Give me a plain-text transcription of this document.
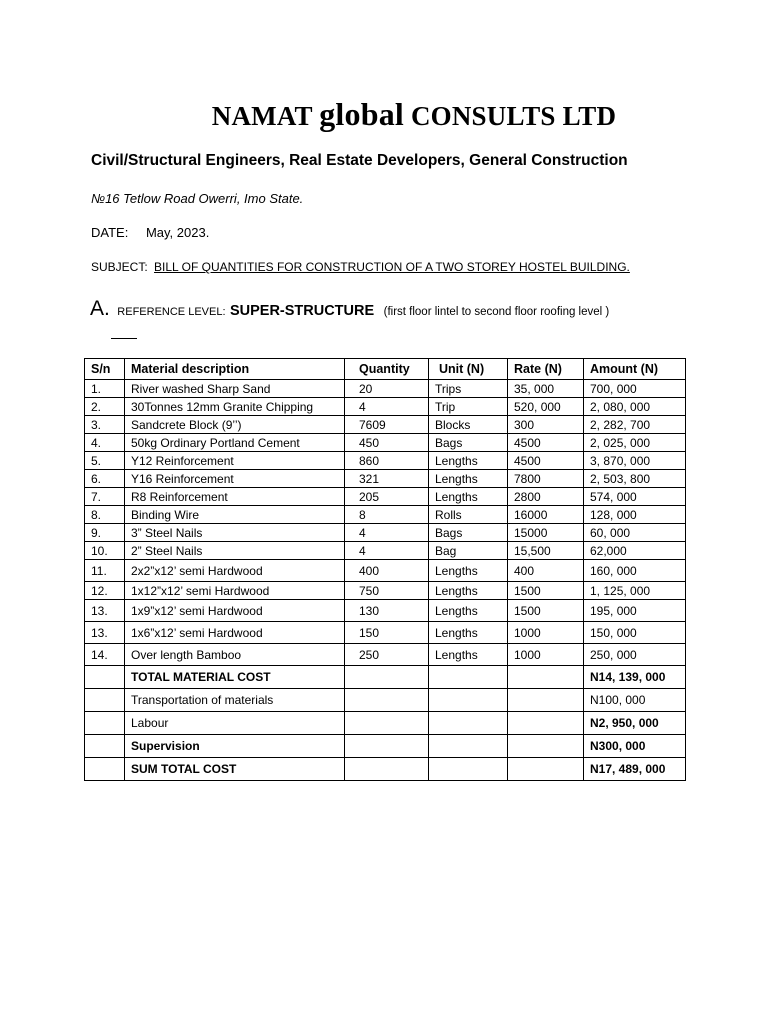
NAMAT global CONSULTS LTD
Civil/Structural Engineers, Real Estate Developers, General Construction
№16 Tetlow Road Owerri, Imo State.
DATE: May, 2023.
SUBJECT: BILL OF QUANTITIES FOR CONSTRUCTION OF A TWO STOREY HOSTEL BUILDING.
A. REFERENCE LEVEL: SUPER-STRUCTURE (first floor lintel to second floor roofing level )
S/n	Material description	Quantity	Unit (N)	Rate (N)	Amount (N)
1.	River washed Sharp Sand	20	Trips	35, 000	700, 000
2.	30Tonnes 12mm Granite Chipping	4	Trip	520, 000	2, 080, 000
3.	Sandcrete Block (9’’)	7609	Blocks	300	2, 282, 700
4.	50kg Ordinary Portland Cement	450	Bags	4500	2, 025, 000
5.	Y12 Reinforcement	860	Lengths	4500	3, 870, 000
6.	Y16 Reinforcement	321	Lengths	7800	2, 503, 800
7.	R8 Reinforcement	205	Lengths	2800	574, 000
8.	Binding Wire	8	Rolls	16000	128, 000
9.	3” Steel Nails	4	Bags	15000	60, 000
10.	2” Steel Nails	4	Bag	15,500	62,000
11.	2x2”x12’ semi Hardwood	400	Lengths	400	160, 000
12.	1x12”x12’ semi Hardwood	750	Lengths	1500	1, 125, 000
13.	1x9”x12’ semi Hardwood	130	Lengths	1500	195, 000
13.	1x6”x12’ semi Hardwood	150	Lengths	1000	150, 000
14.	Over length Bamboo	250	Lengths	1000	250, 000
	TOTAL MATERIAL COST				N14, 139, 000
	Transportation of materials				N100, 000
	Labour				N2, 950, 000
	Supervision				N300, 000
	SUM TOTAL COST				N17, 489, 000
